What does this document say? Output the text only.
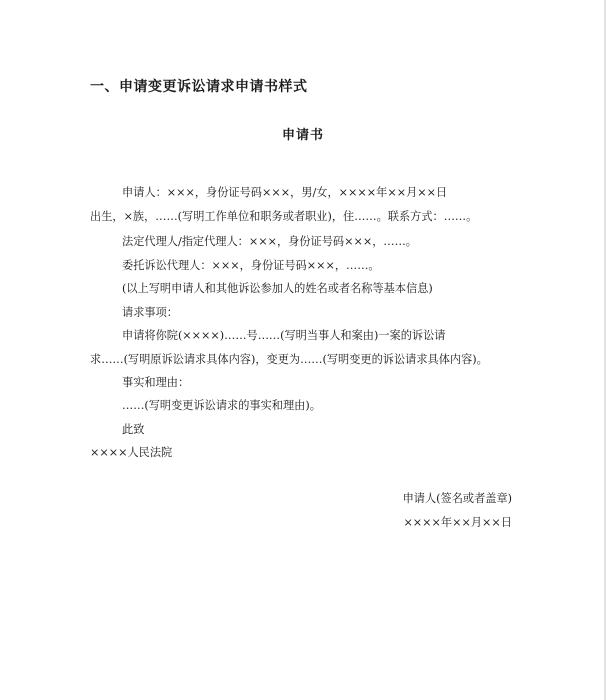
一、申请变更诉讼请求申请书样式
申请书
申请人：×××，身份证号码×××，男/女，××××年××月××日
出生，×族，……(写明工作单位和职务或者职业)，住……。联系方式：……。
法定代理人/指定代理人：×××，身份证号码×××，……。
委托诉讼代理人：×××，身份证号码×××，……。
(以上写明申请人和其他诉讼参加人的姓名或者名称等基本信息)
请求事项：
申请将你院(××××)……号……(写明当事人和案由)一案的诉讼请
求……(写明原诉讼请求具体内容)，变更为……(写明变更的诉讼请求具体内容)。
事实和理由：
……(写明变更诉讼请求的事实和理由)。
此致
××××人民法院
申请人(签名或者盖章)
××××年××月××日
